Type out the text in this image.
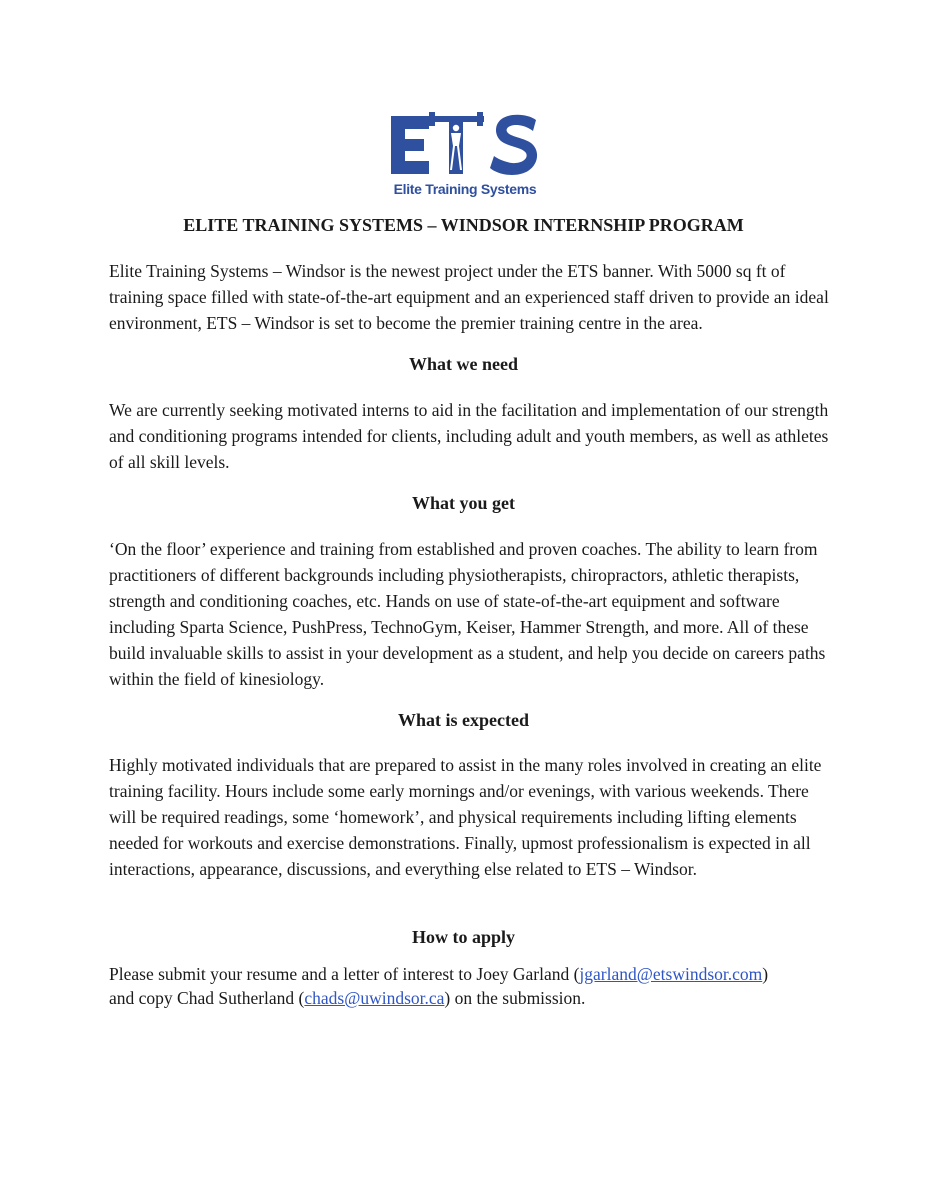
Elite Training Systems
ELITE TRAINING SYSTEMS – WINDSOR INTERNSHIP PROGRAM

Elite Training Systems – Windsor is the newest project under the ETS banner. With 5000 sq ft of training space filled with state-of-the-art equipment and an experienced staff driven to provide an ideal environment, ETS – Windsor is set to become the premier training centre in the area.

What we need

We are currently seeking motivated interns to aid in the facilitation and implementation of our strength and conditioning programs intended for clients, including adult and youth members, as well as athletes of all skill levels.

What you get

‘On the floor’ experience and training from established and proven coaches. The ability to learn from practitioners of different backgrounds including physiotherapists, chiropractors, athletic therapists, strength and conditioning coaches, etc. Hands on use of state-of-the-art equipment and software including Sparta Science, PushPress, TechnoGym, Keiser, Hammer Strength, and more. All of these build invaluable skills to assist in your development as a student, and help you decide on careers paths within the field of kinesiology.

What is expected

Highly motivated individuals that are prepared to assist in the many roles involved in creating an elite training facility. Hours include some early mornings and/or evenings, with various weekends. There will be required readings, some ‘homework’, and physical requirements including lifting elements needed for workouts and exercise demonstrations. Finally, upmost professionalism is expected in all interactions, appearance, discussions, and everything else related to ETS – Windsor.

How to apply

Please submit your resume and a letter of interest to Joey Garland (jgarland@etswindsor.com)
and copy Chad Sutherland (chads@uwindsor.ca) on the submission.
